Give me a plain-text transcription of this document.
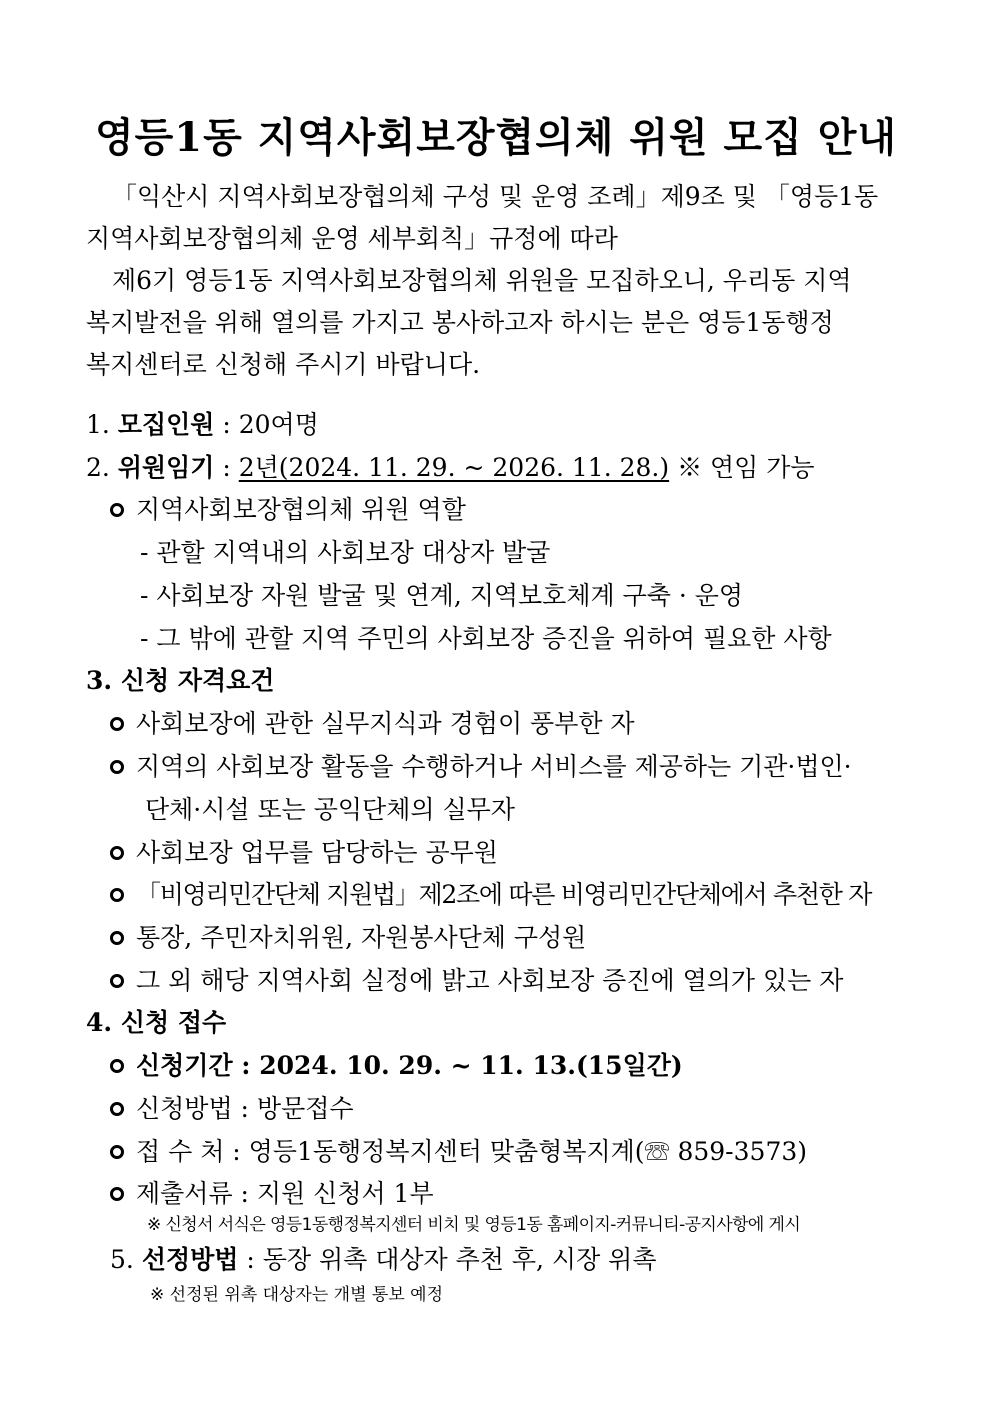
영등1동 지역사회보장협의체 위원 모집 안내
「익산시 지역사회보장협의체 구성 및 운영 조례」제9조 및 「영등1동
지역사회보장협의체 운영 세부회칙」규정에 따라
제6기 영등1동 지역사회보장협의체 위원을 모집하오니, 우리동 지역
복지발전을 위해 열의를 가지고 봉사하고자 하시는 분은 영등1동행정
복지센터로 신청해 주시기 바랍니다.
1. 모집인원 : 20여명
2. 위원임기 : 2년(2024. 11. 29. ~ 2026. 11. 28.) ※ 연임 가능
지역사회보장협의체 위원 역할
- 관할 지역내의 사회보장 대상자 발굴
- 사회보장 자원 발굴 및 연계, 지역보호체계 구축 · 운영
- 그 밖에 관할 지역 주민의 사회보장 증진을 위하여 필요한 사항
3. 신청 자격요건
사회보장에 관한 실무지식과 경험이 풍부한 자
지역의 사회보장 활동을 수행하거나 서비스를 제공하는 기관·법인·
단체·시설 또는 공익단체의 실무자
사회보장 업무를 담당하는 공무원
「비영리민간단체 지원법」제2조에 따른 비영리민간단체에서 추천한 자
통장, 주민자치위원, 자원봉사단체 구성원
그 외 해당 지역사회 실정에 밝고 사회보장 증진에 열의가 있는 자
4. 신청 접수
신청기간 : 2024. 10. 29. ~ 11. 13.(15일간)
신청방법 : 방문접수
접 수 처 : 영등1동행정복지센터 맞춤형복지계(☏ 859-3573)
제출서류 : 지원 신청서 1부
※ 신청서 서식은 영등1동행정복지센터 비치 및 영등1동 홈페이지-커뮤니티-공지사항에 게시
5. 선정방법 : 동장 위촉 대상자 추천 후, 시장 위촉
※ 선정된 위촉 대상자는 개별 통보 예정
